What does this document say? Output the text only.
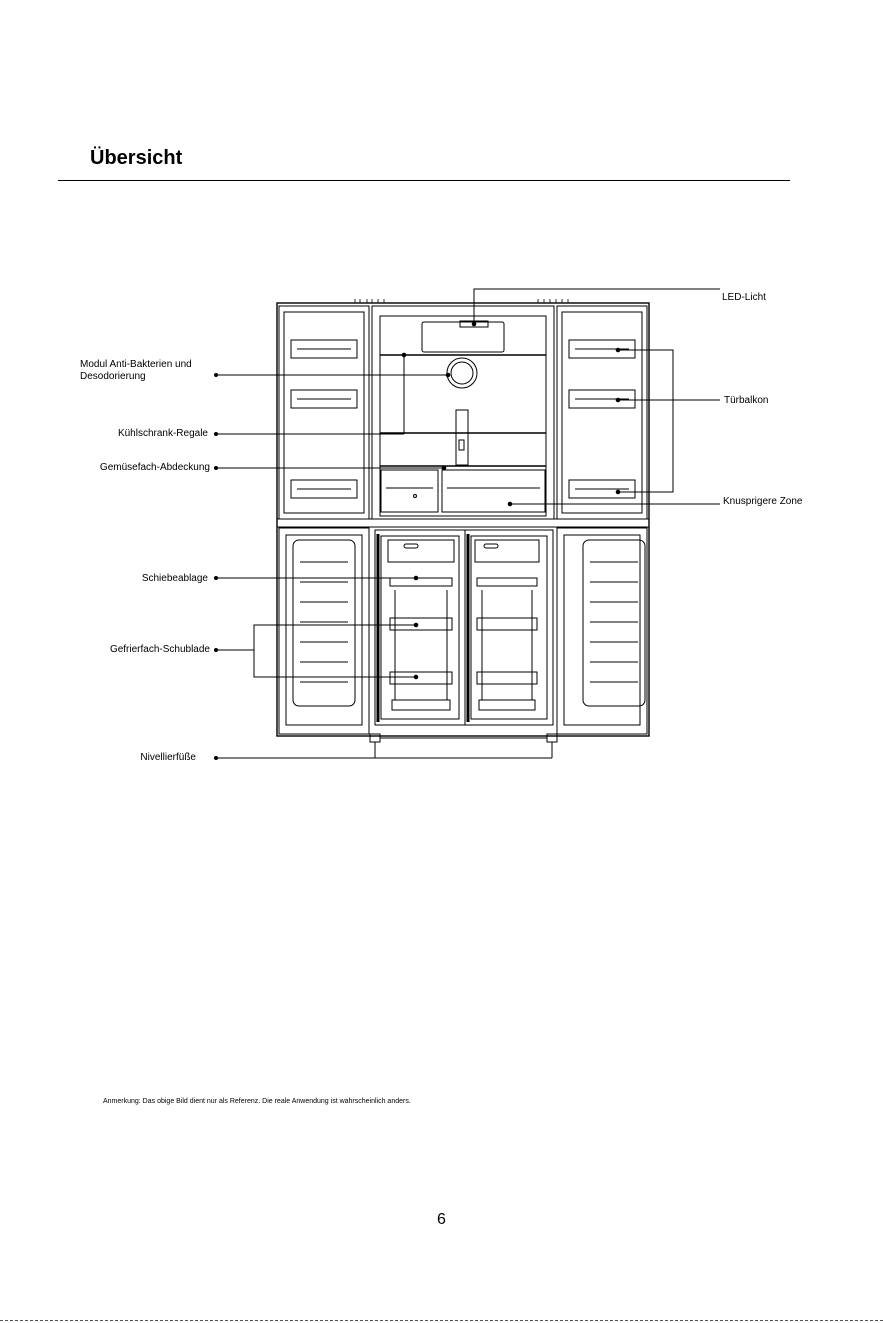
Übersicht
LED-Licht
Modul Anti-Bakterien und
Desodorierung
Kühlschrank-Regale
Gemüsefach-Abdeckung
Türbalkon
Knusprigere Zone
Schiebeablage
Gefrierfach-Schublade
Nivellierfüße
Anmerkung: Das obige Bild dient nur als Referenz. Die reale Anwendung ist wahrscheinlich anders.
6
